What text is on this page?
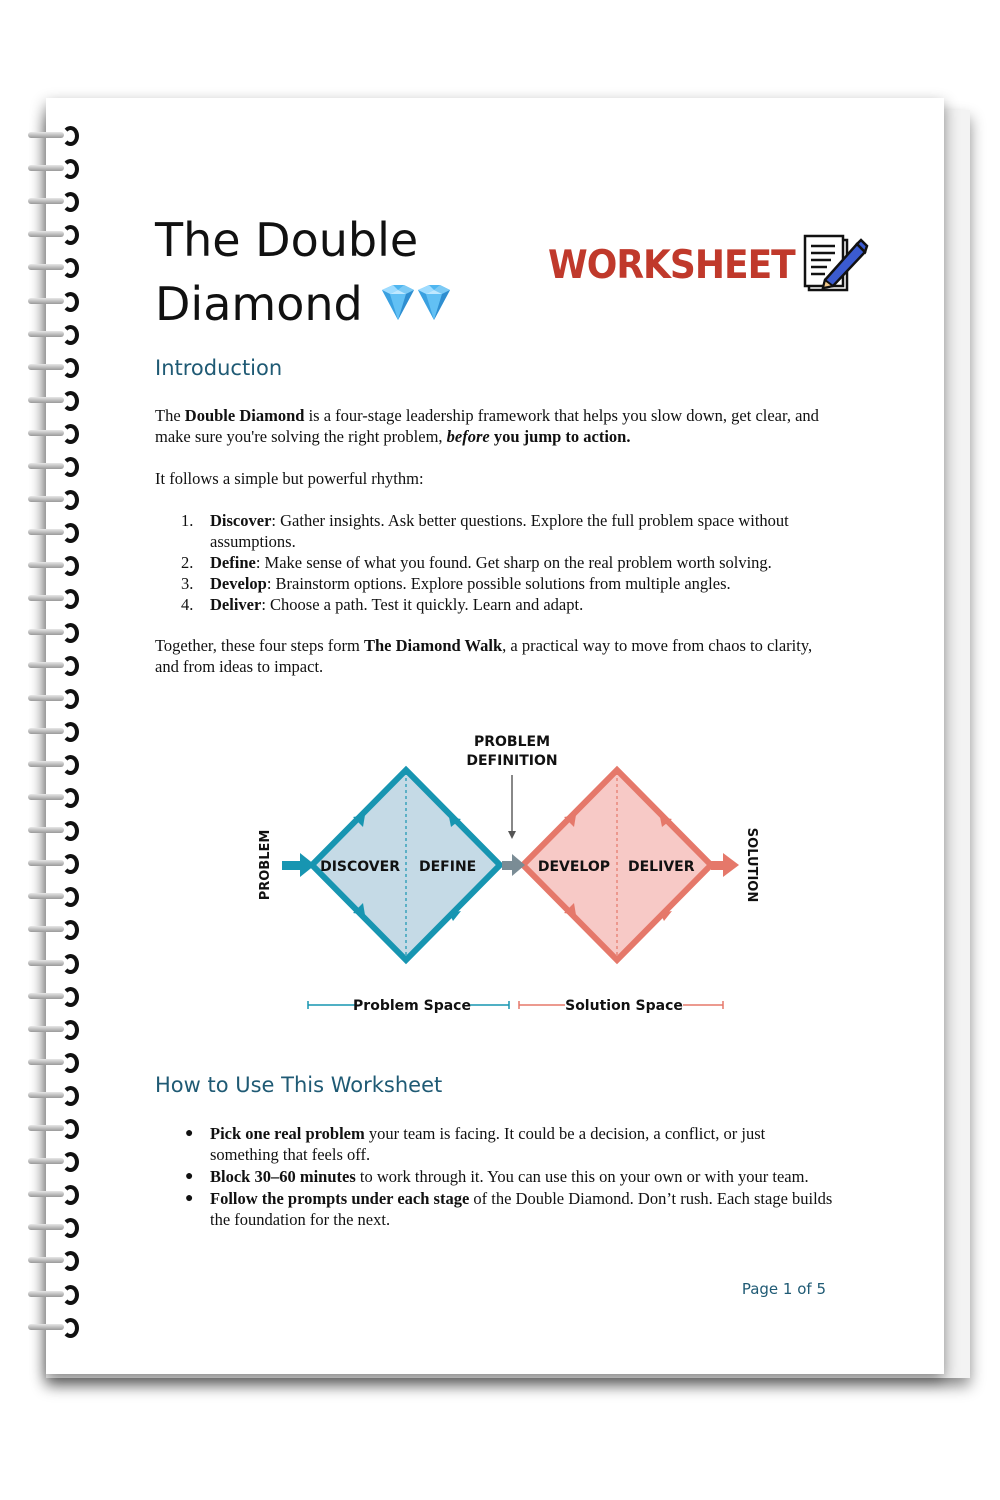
The Double
Diamond
WORKSHEET
Introduction

The Double Diamond is a four-stage leadership framework that helps you slow down, get clear, and make sure you're solving the right problem, before you jump to action.

It follows a simple but powerful rhythm:

1. Discover: Gather insights. Ask better questions. Explore the full problem space without assumptions.
2. Define: Make sense of what you found. Get sharp on the real problem worth solving.
3. Develop: Brainstorm options. Explore possible solutions from multiple angles.
4. Deliver: Choose a path. Test it quickly. Learn and adapt.

Together, these four steps form The Diamond Walk, a practical way to move from chaos to clarity, and from ideas to impact.

PROBLEM
DEFINITION
DISCOVER DEFINE	DEVELOP DELIVER
PROBLEM	SOLUTION
Problem Space	Solution Space
How to Use This Worksheet
● Pick one real problem your team is facing. It could be a decision, a conflict, or just something that feels off.
● Block 30–60 minutes to work through it. You can use this on your own or with your team.
● Follow the prompts under each stage of the Double Diamond. Don’t rush. Each stage builds the foundation for the next.
Page 1 of 5
